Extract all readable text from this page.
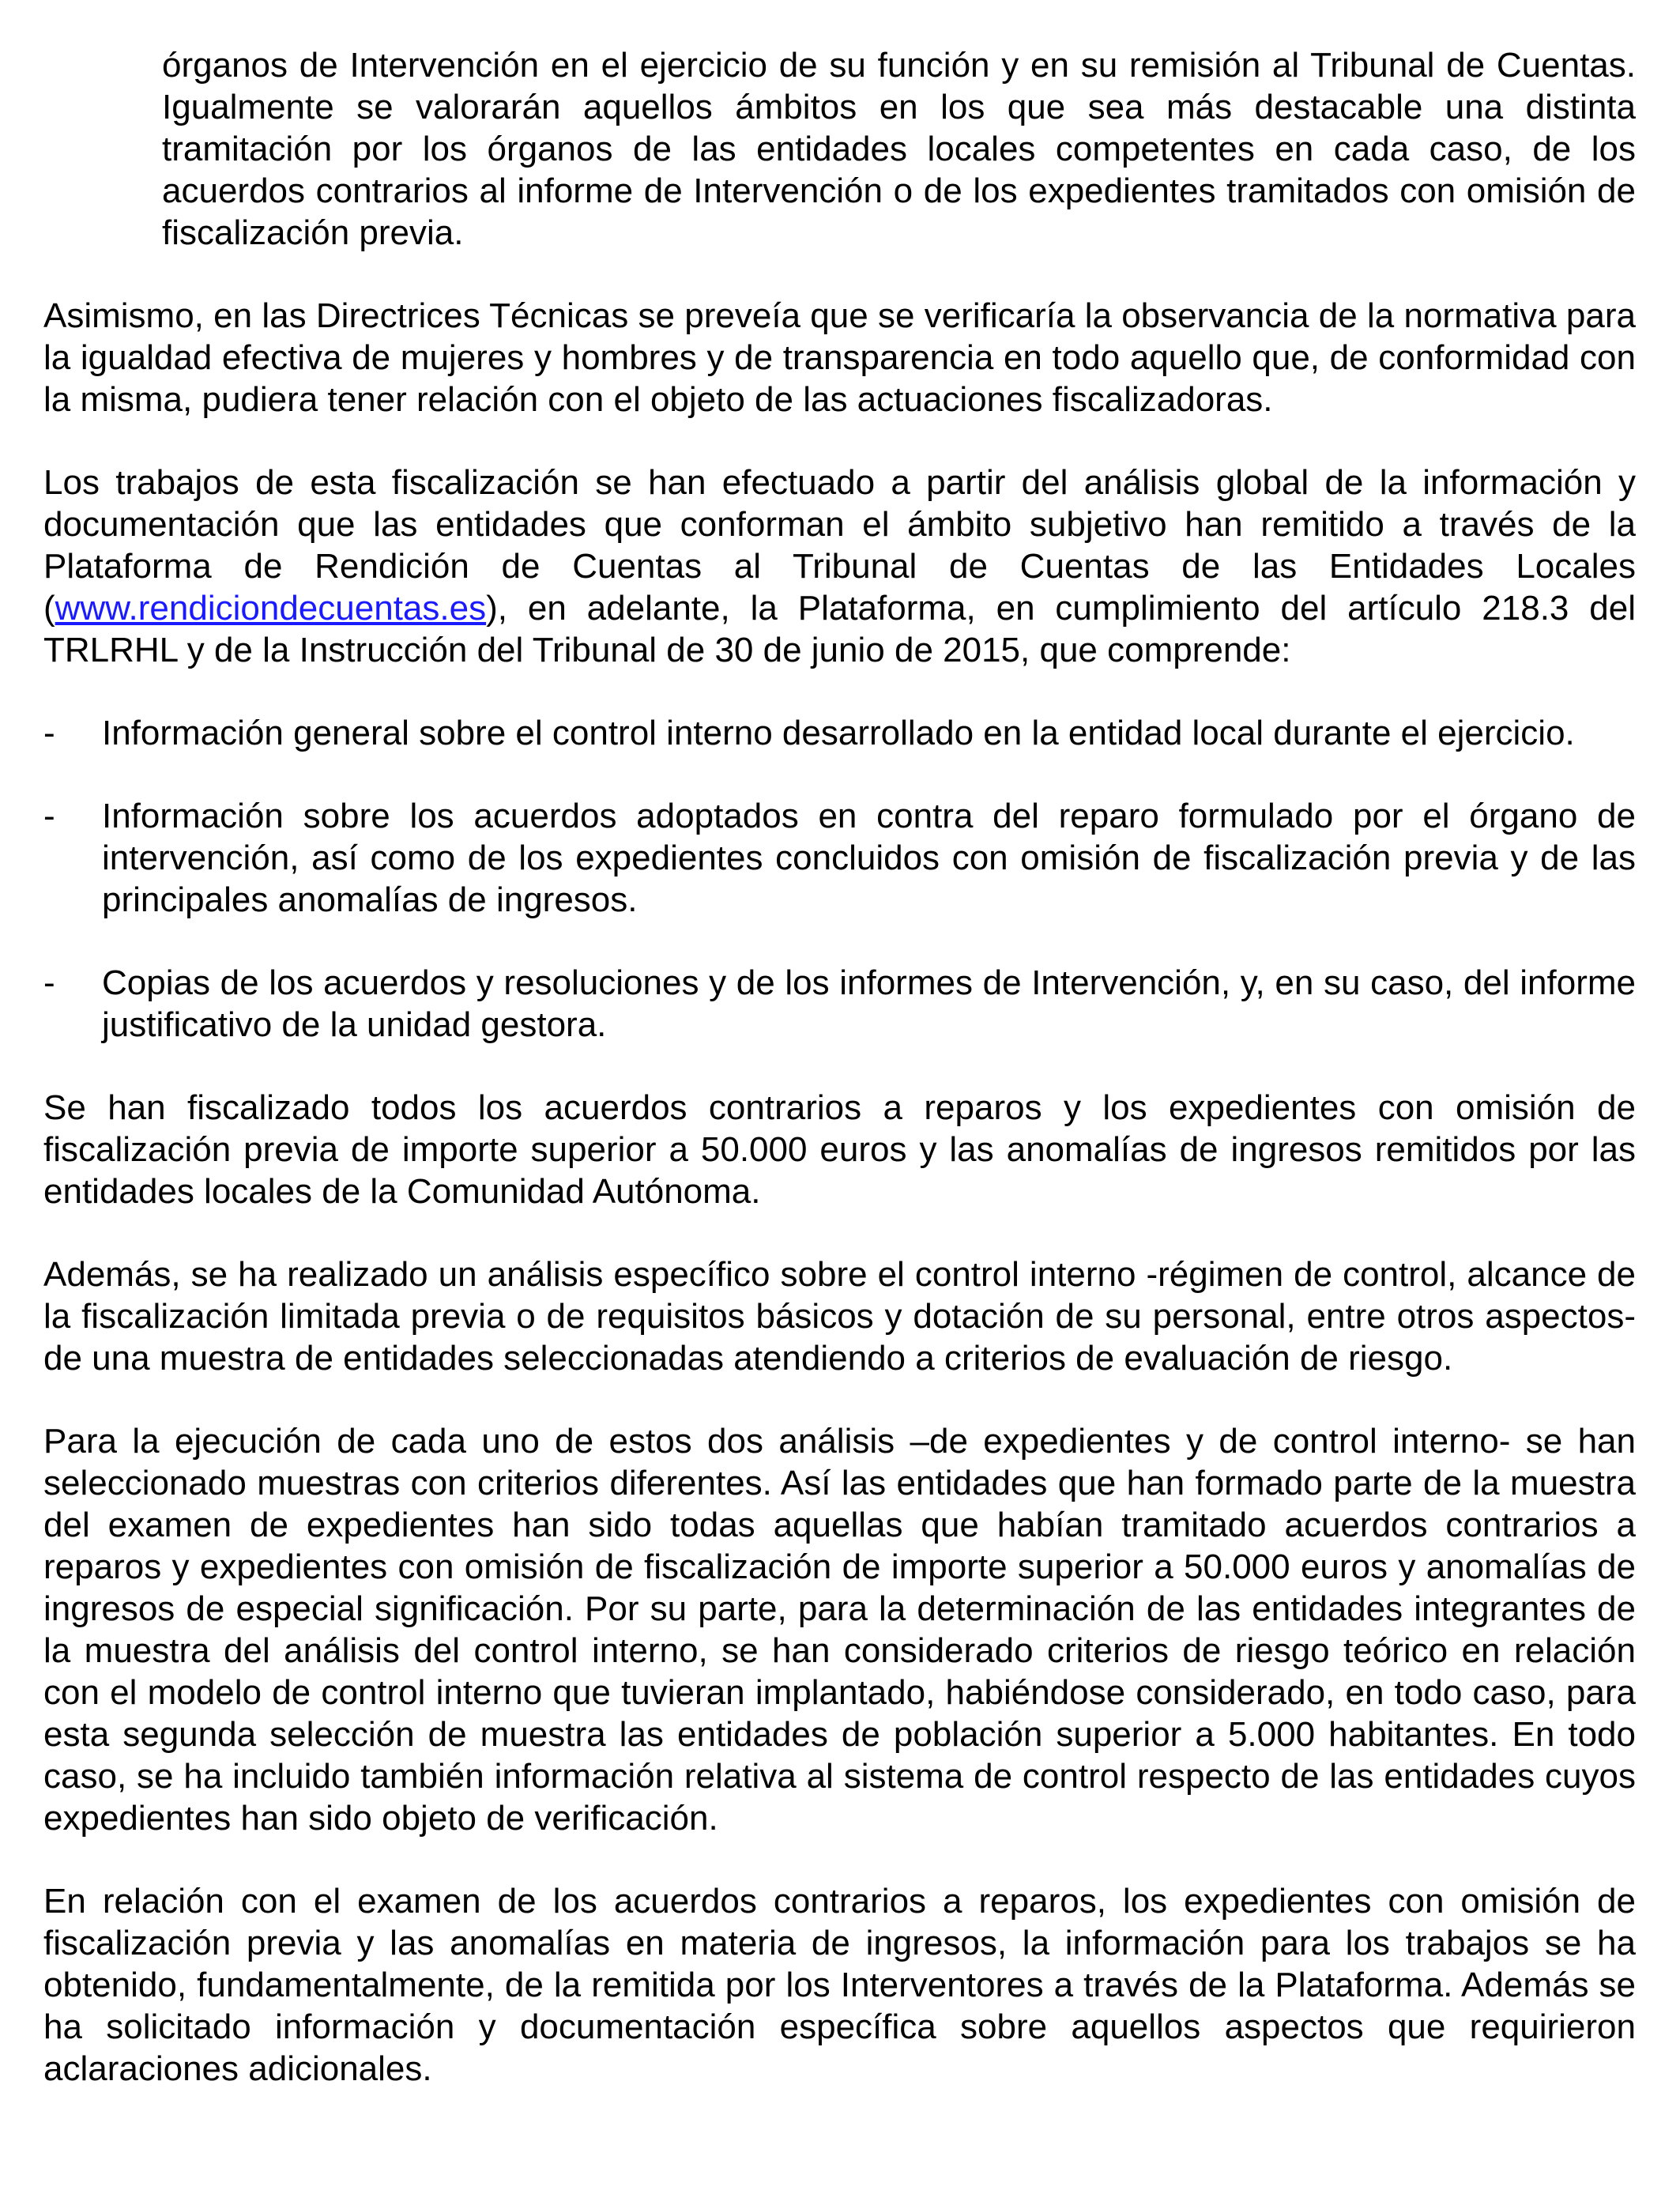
órganos de Intervención en el ejercicio de su función y en su remisión al Tribunal de Cuentas. Igualmente se valorarán aquellos ámbitos en los que sea más destacable una distinta tramitación por los órganos de las entidades locales competentes en cada caso, de los acuerdos contrarios al informe de Intervención o de los expedientes tramitados con omisión de fiscalización previa.

Asimismo, en las Directrices Técnicas se preveía que se verificaría la observancia de la normativa para la igualdad efectiva de mujeres y hombres y de transparencia en todo aquello que, de conformidad con la misma, pudiera tener relación con el objeto de las actuaciones fiscalizadoras.

Los trabajos de esta fiscalización se han efectuado a partir del análisis global de la información y documentación que las entidades que conforman el ámbito subjetivo han remitido a través de la Plataforma de Rendición de Cuentas al Tribunal de Cuentas de las Entidades Locales (www.rendiciondecuentas.es), en adelante, la Plataforma, en cumplimiento del artículo 218.3 del TRLRHL y de la Instrucción del Tribunal de 30 de junio de 2015, que comprende:

- Información general sobre el control interno desarrollado en la entidad local durante el ejercicio.
- Información sobre los acuerdos adoptados en contra del reparo formulado por el órgano de intervención, así como de los expedientes concluidos con omisión de fiscalización previa y de las principales anomalías de ingresos.
- Copias de los acuerdos y resoluciones y de los informes de Intervención, y, en su caso, del informe justificativo de la unidad gestora.

Se han fiscalizado todos los acuerdos contrarios a reparos y los expedientes con omisión de fiscalización previa de importe superior a 50.000 euros y las anomalías de ingresos remitidos por las entidades locales de la Comunidad Autónoma.

Además, se ha realizado un análisis específico sobre el control interno -régimen de control, alcance de la fiscalización limitada previa o de requisitos básicos y dotación de su personal, entre otros aspectos- de una muestra de entidades seleccionadas atendiendo a criterios de evaluación de riesgo.

Para la ejecución de cada uno de estos dos análisis –de expedientes y de control interno- se han seleccionado muestras con criterios diferentes. Así las entidades que han formado parte de la muestra del examen de expedientes han sido todas aquellas que habían tramitado acuerdos contrarios a reparos y expedientes con omisión de fiscalización de importe superior a 50.000 euros y anomalías de ingresos de especial significación. Por su parte, para la determinación de las entidades integrantes de la muestra del análisis del control interno, se han considerado criterios de riesgo teórico en relación con el modelo de control interno que tuvieran implantado, habiéndose considerado, en todo caso, para esta segunda selección de muestra las entidades de población superior a 5.000 habitantes. En todo caso, se ha incluido también información relativa al sistema de control respecto de las entidades cuyos expedientes han sido objeto de verificación.

En relación con el examen de los acuerdos contrarios a reparos, los expedientes con omisión de fiscalización previa y las anomalías en materia de ingresos, la información para los trabajos se ha obtenido, fundamentalmente, de la remitida por los Interventores a través de la Plataforma. Además se ha solicitado información y documentación específica sobre aquellos aspectos que requirieron aclaraciones adicionales.
